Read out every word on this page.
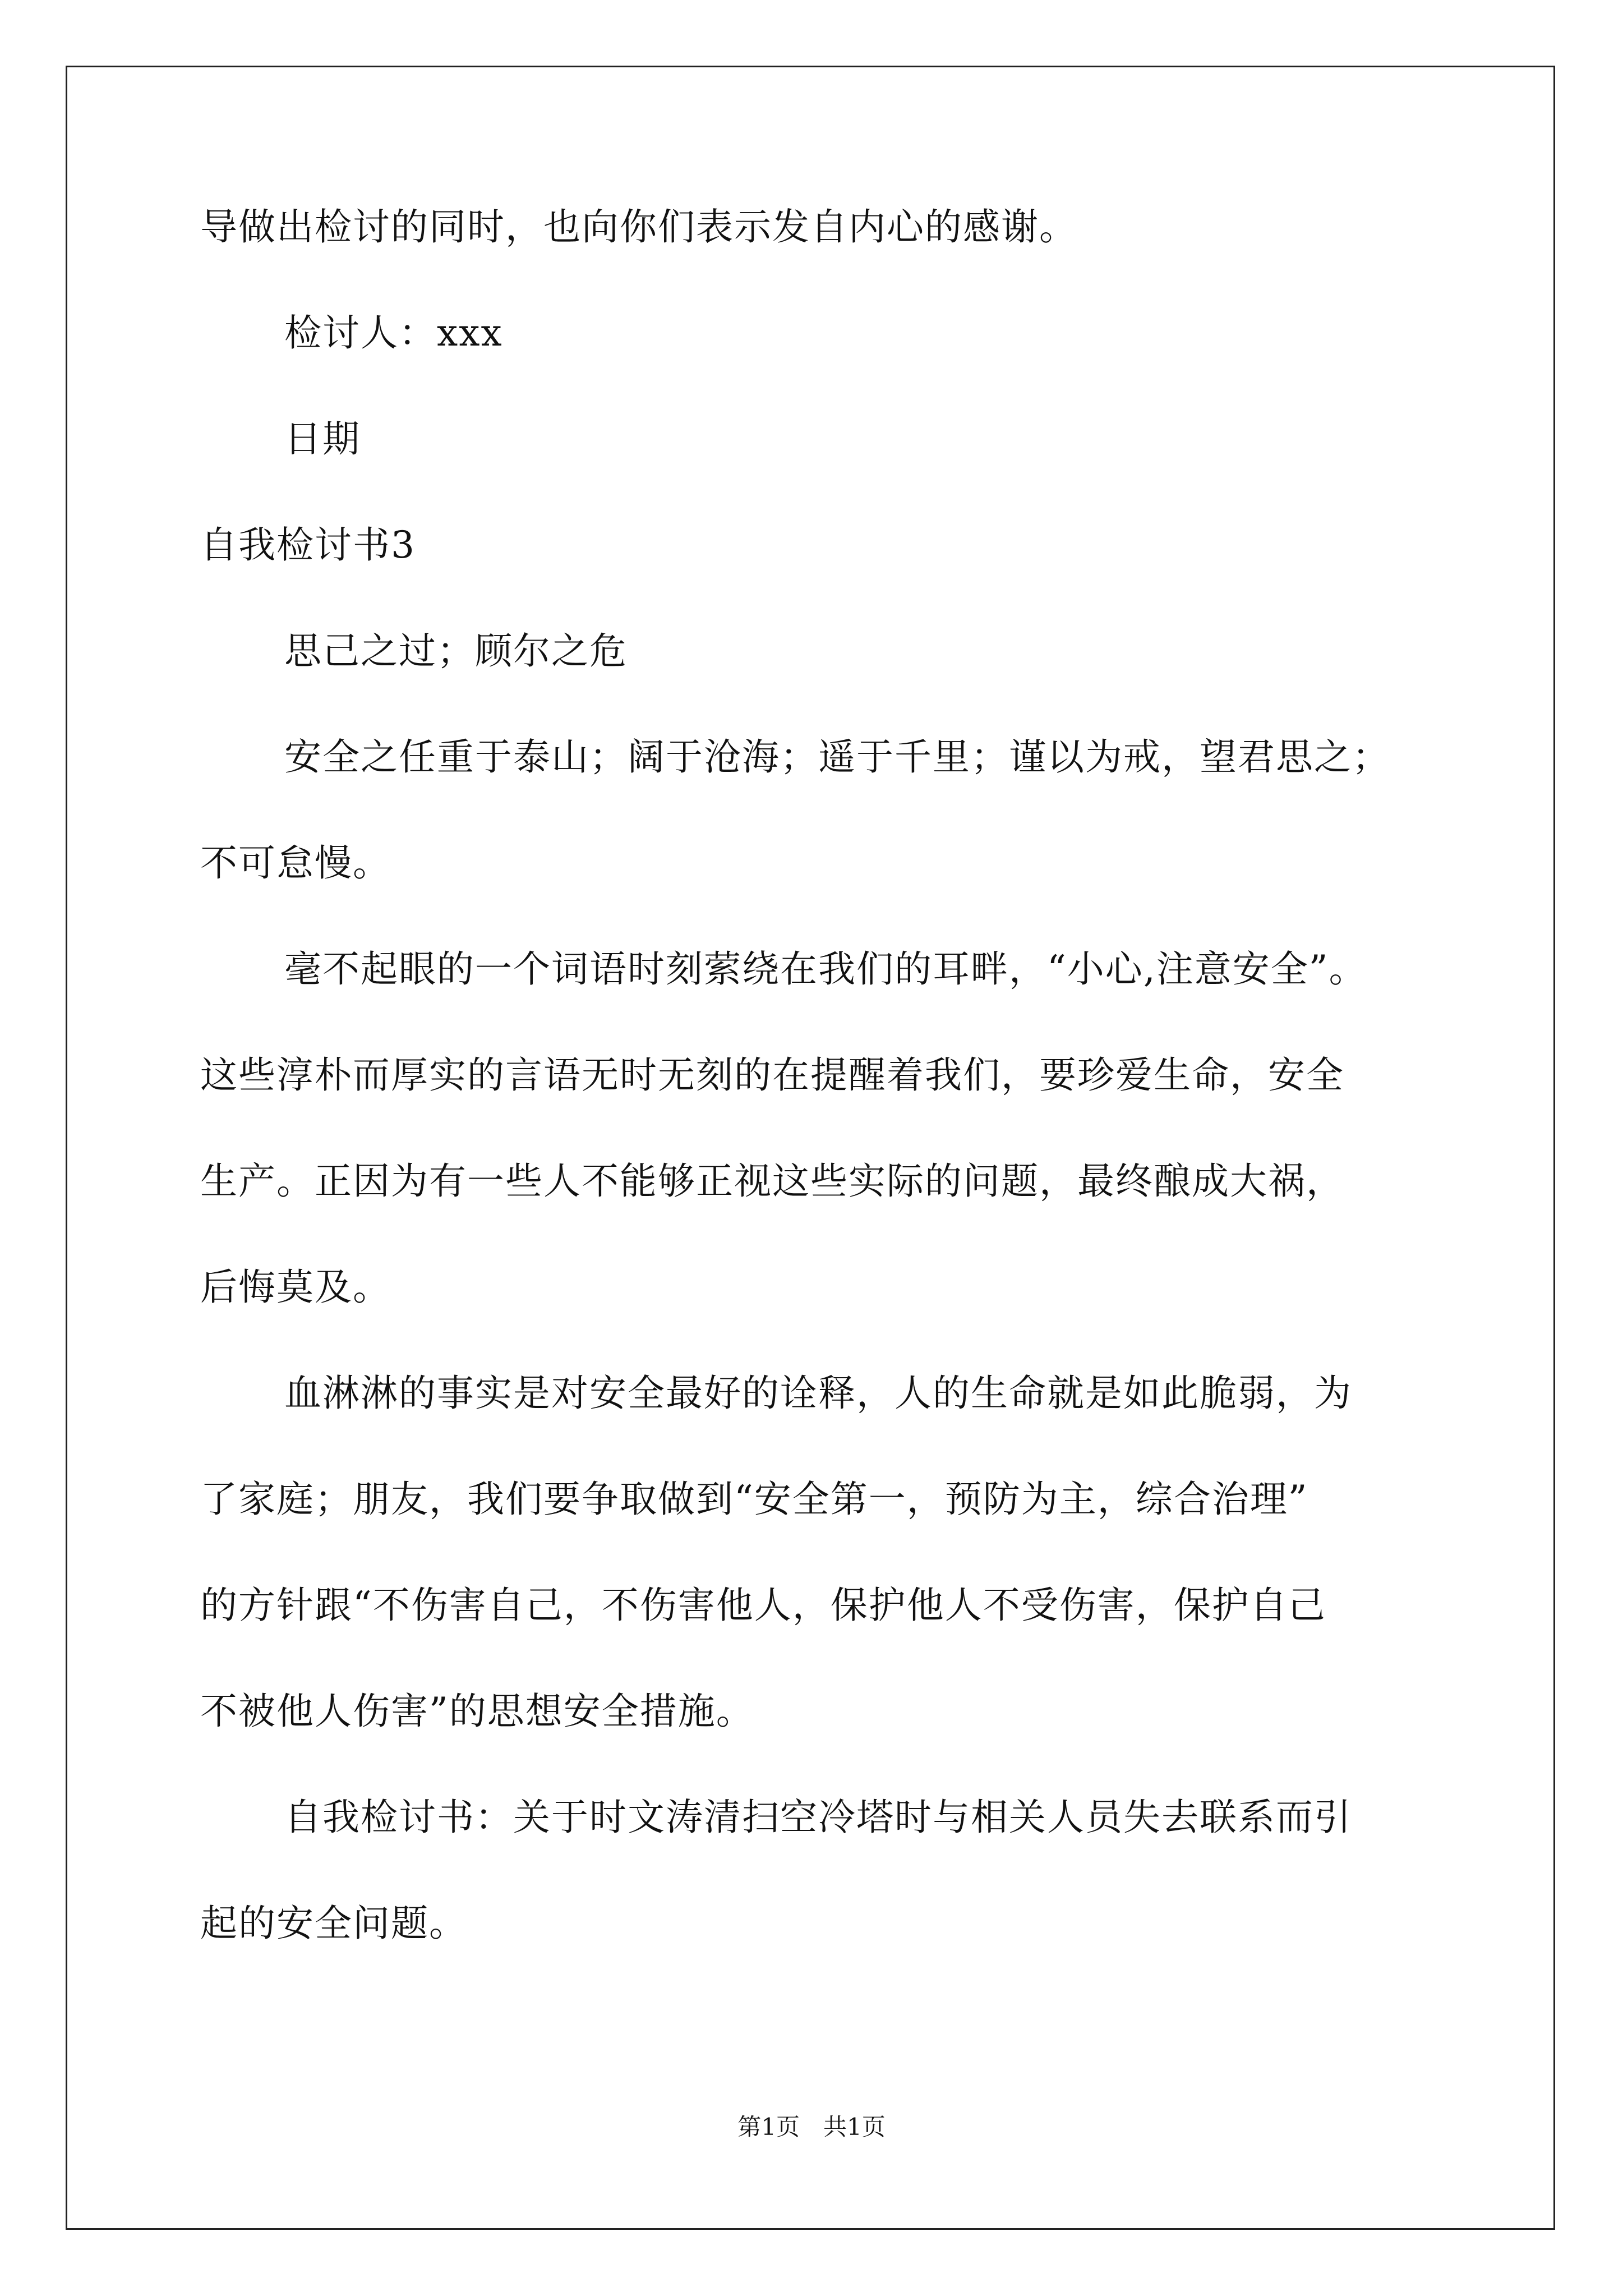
导做出检讨的同时，也向你们表示发自内心的感谢。
检讨人：xxx
日期
自我检讨书3
思己之过；顾尔之危
安全之任重于泰山；阔于沧海；遥于千里；谨以为戒，望君思之；
不可怠慢。
毫不起眼的一个词语时刻萦绕在我们的耳畔，“小心,注意安全”。
这些淳朴而厚实的言语无时无刻的在提醒着我们，要珍爱生命，安全
生产。正因为有一些人不能够正视这些实际的问题，最终酿成大祸，
后悔莫及。
血淋淋的事实是对安全最好的诠释，人的生命就是如此脆弱，为
了家庭；朋友，我们要争取做到“安全第一，预防为主，综合治理”
的方针跟“不伤害自己，不伤害他人，保护他人不受伤害，保护自己
不被他人伤害”的思想安全措施。
自我检讨书：关于时文涛清扫空冷塔时与相关人员失去联系而引
起的安全问题。
第1页　共1页
